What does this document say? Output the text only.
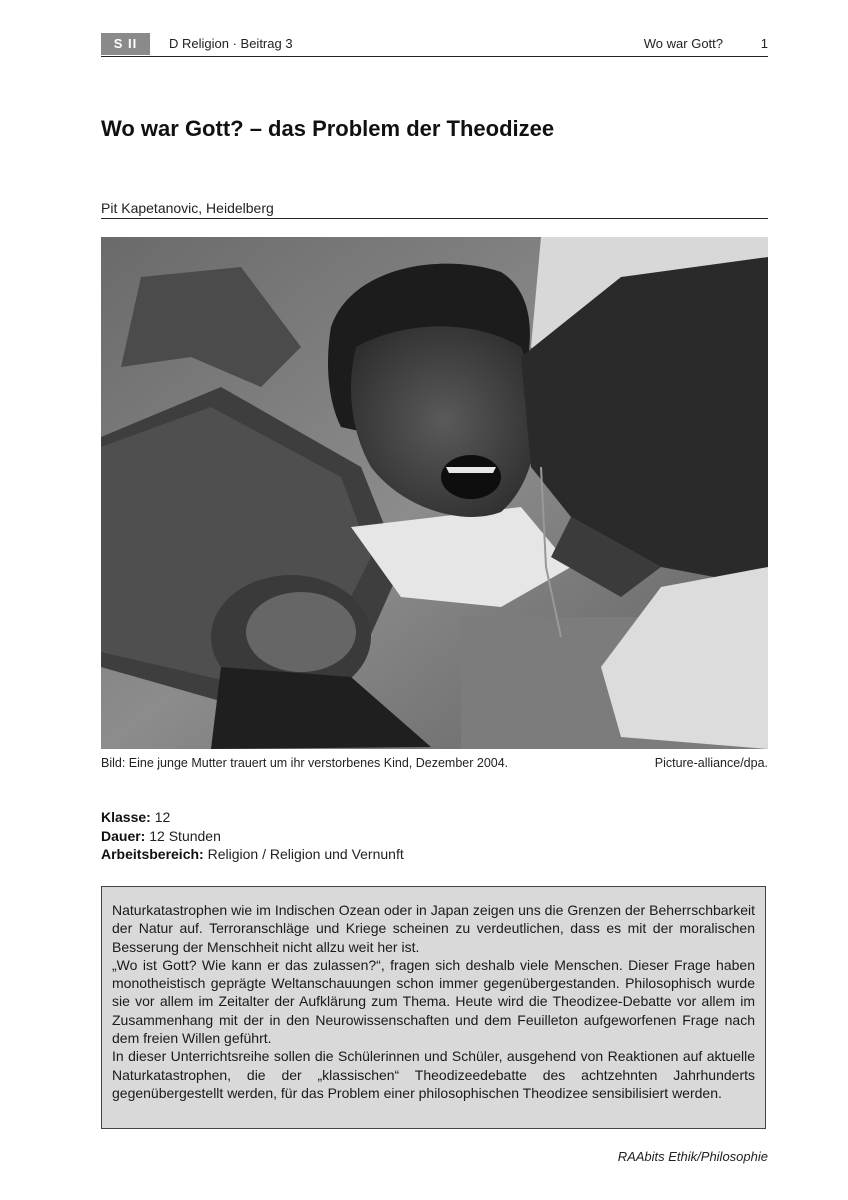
S II	D Religion · Beitrag 3	Wo war Gott?	1
Wo war Gott? – das Problem der Theodizee
Pit Kapetanovic, Heidelberg
Bild: Eine junge Mutter trauert um ihr verstorbenes Kind, Dezember 2004.	Picture-alliance/dpa.
Klasse: 12
Dauer: 12 Stunden
Arbeitsbereich: Religion / Religion und Vernunft

Naturkatastrophen wie im Indischen Ozean oder in Japan zeigen uns die Grenzen der Beherrschbarkeit der Natur auf. Terroranschläge und Kriege scheinen zu verdeutlichen, dass es mit der moralischen Besserung der Menschheit nicht allzu weit her ist.

„Wo ist Gott? Wie kann er das zulassen?“, fragen sich deshalb viele Menschen. Dieser Frage haben monotheistisch geprägte Weltanschauungen schon immer gegenübergestanden. Philosophisch wurde sie vor allem im Zeitalter der Aufklärung zum Thema. Heute wird die Theodizee-Debatte vor allem im Zusammenhang mit der in den Neurowissenschaften und dem Feuilleton aufgeworfenen Frage nach dem freien Willen geführt.

In dieser Unterrichtsreihe sollen die Schülerinnen und Schüler, ausgehend von Reaktionen auf aktuelle Naturkatastrophen, die der „klassischen“ Theodizeedebatte des achtzehnten Jahrhunderts gegenübergestellt werden, für das Problem einer philosophischen Theodizee sensibilisiert werden.

RAAbits Ethik/Philosophie
